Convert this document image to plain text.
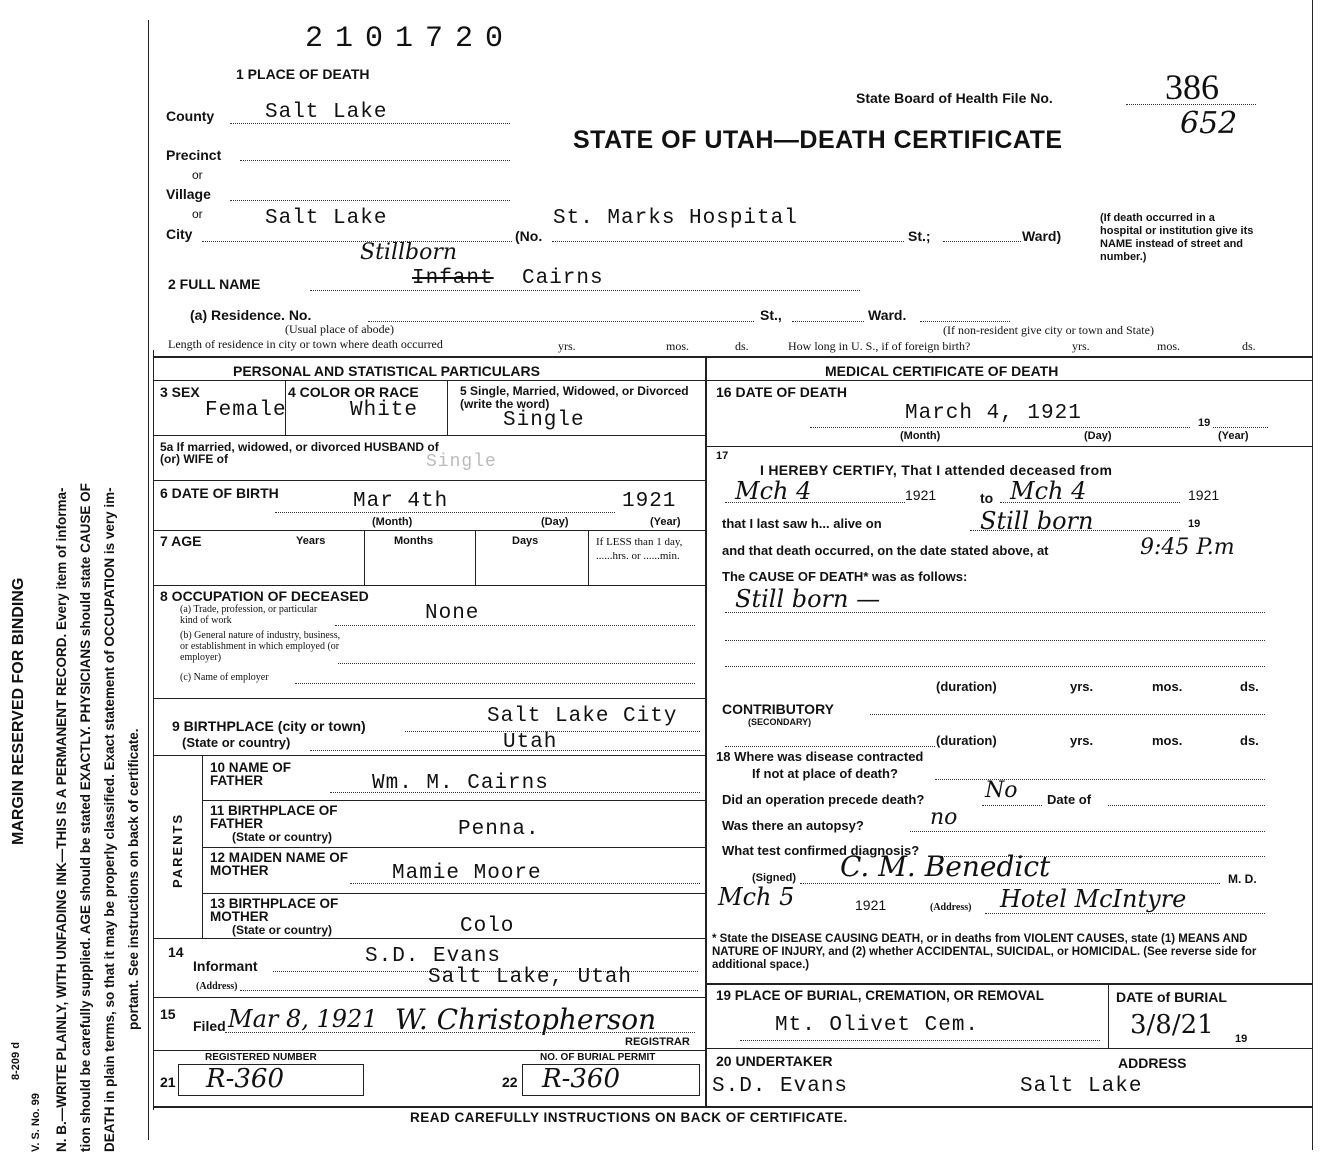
V. S. No. 99
8-209 d N. B.—WRITE PLAINLY, WITH UNFADING INK—THIS IS A PERMANENT RECORD. Every item of informa- tion should be carefully supplied. AGE should be stated EXACTLY. PHYSICIANS should state CAUSE OF DEATH in plain terms, so that it may be properly classified. Exact statement of OCCUPATION is very im- portant. See instructions on back of certificate.
MARGIN RESERVED FOR BINDING
2101720
1 PLACE OF DEATH
State Board of Health File No.	386
652
STATE OF UTAH—DEATH CERTIFICATE
County Salt Lake
Precinct
or
Village
or
City
Salt Lake
(No.
St. Marks Hospital
St.;	Ward)
(If death occurred in a hospital or institution give its NAME instead of street and number.)
Stillborn
2 FULL NAME	Infant Cairns
(a) Residence. No.	St.,	Ward.
(Usual place of abode)	(If non-resident give city or town and State)
Length of residence in city or town where death occurred	yrs.	mos.	ds.	How long in U. S., if of foreign birth?	yrs.	mos.	ds.
PERSONAL AND STATISTICAL PARTICULARS
3 SEX
Female
4 COLOR OR RACE
White
5 Single, Married, Widowed, or Divorced (write the word)
Single
5a If married, widowed, or divorced HUSBAND of (or) WIFE of	Single
6 DATE OF BIRTH	Mar 4th	1921
(Month)	(Day)	(Year)
7 AGE	Years	Months	Days	If LESS than 1 day, ......hrs. or ......min.
8 OCCUPATION OF DECEASED
(a) Trade, profession, or particular kind of work	None
(b) General nature of industry, business, or establishment in which employed (or employer)
(c) Name of employer
9 BIRTHPLACE (city or town)	Salt Lake City
(State or country)	Utah
PARENTS
10 NAME OF FATHER	Wm. M. Cairns
11 BIRTHPLACE OF FATHER
(State or country)	Penna.
12 MAIDEN NAME OF MOTHER	Mamie Moore
13 BIRTHPLACE OF MOTHER
(State or country)	Colo
14
Informant	S.D. Evans
(Address)	Salt Lake, Utah
15
Filed Mar 8, 1921 W. Christopherson
REGISTRAR
REGISTERED NUMBER	NO. OF BURIAL PERMIT
21 R-360	22 R-360
MEDICAL CERTIFICATE OF DEATH
16 DATE OF DEATH
March 4, 1921	19
(Month)	(Day)	(Year)
17
I HEREBY CERTIFY, That I attended deceased from
Mch 4	1921	to Mch 4	1921
that I last saw h... alive on	Still born	19
and that death occurred, on the date stated above, at	9:45 P.m
The CAUSE OF DEATH* was as follows:
Still born —
(duration)	yrs.	mos.	ds.
CONTRIBUTORY
(SECONDARY)
(duration)	yrs.	mos.	ds.
18 Where was disease contracted
If not at place of death?
Did an operation precede death?	No Date of
Was there an autopsy?	no
What test confirmed diagnosis?
(Signed) C. M. Benedict	M. D.
Mch 5	1921	(Address) Hotel McIntyre
* State the DISEASE CAUSING DEATH, or in deaths from VIOLENT CAUSES, state (1) MEANS AND NATURE OF INJURY, and (2) whether ACCIDENTAL, SUICIDAL, or HOMICIDAL. (See reverse side for additional space.)
19 PLACE OF BURIAL, CREMATION, OR REMOVAL
Mt. Olivet Cem.
DATE of BURIAL
3/8/21 19
20 UNDERTAKER
S.D. Evans
ADDRESS
Salt Lake
READ CAREFULLY INSTRUCTIONS ON BACK OF CERTIFICATE.
